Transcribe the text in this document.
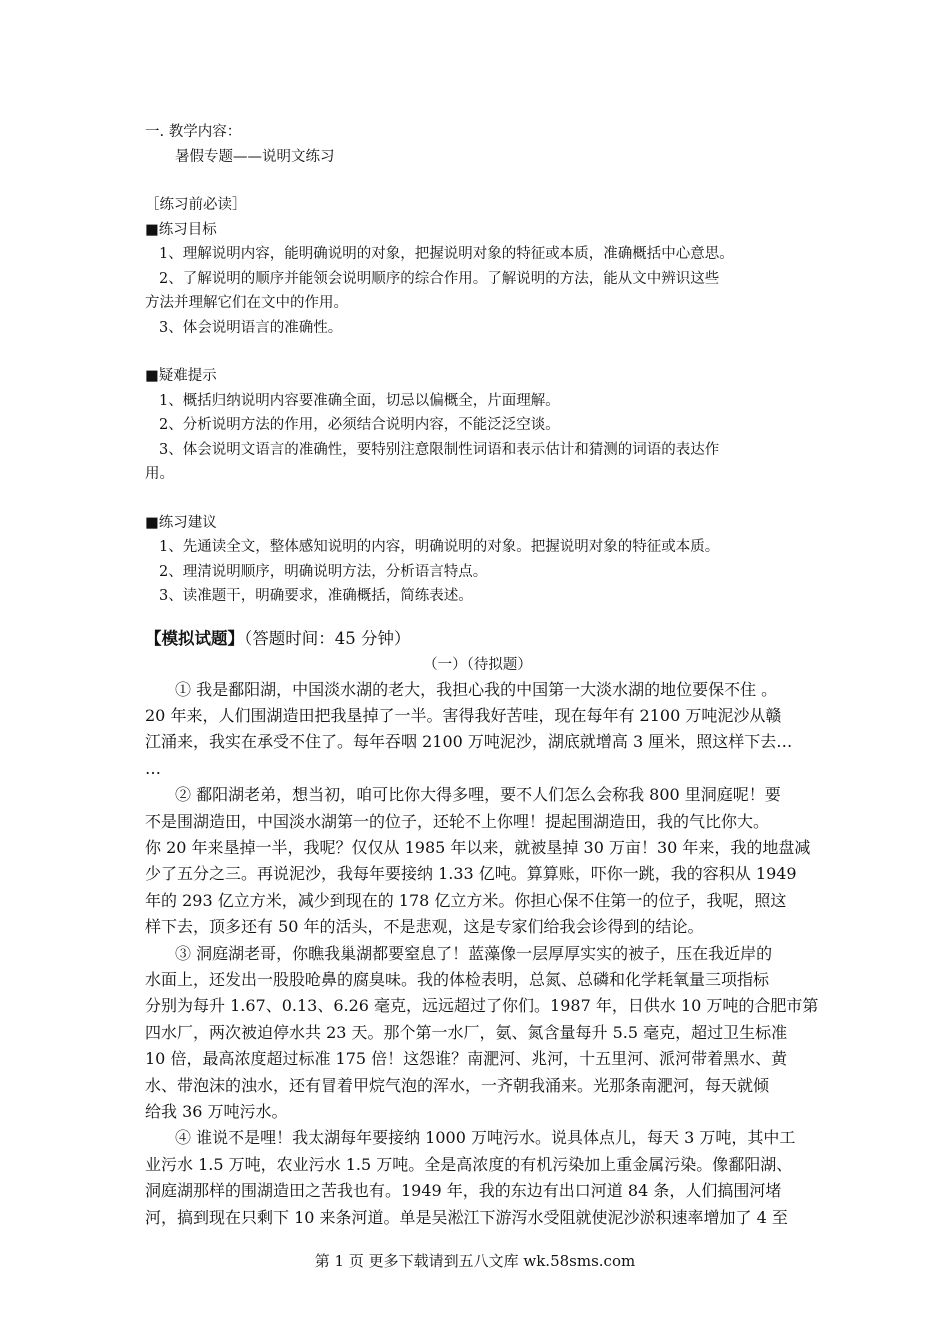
一. 教学内容：
暑假专题——说明文练习
［练习前必读］
■练习目标
1、理解说明内容，能明确说明的对象，把握说明对象的特征或本质，准确概括中心意思。
2、了解说明的顺序并能领会说明顺序的综合作用。了解说明的方法，能从文中辨识这些
方法并理解它们在文中的作用。
3、体会说明语言的准确性。
■疑难提示
1、概括归纳说明内容要准确全面，切忌以偏概全，片面理解。
2、分析说明方法的作用，必须结合说明内容，不能泛泛空谈。
3、体会说明文语言的准确性，要特别注意限制性词语和表示估计和猜测的词语的表达作
用。
■练习建议
1、先通读全文，整体感知说明的内容，明确说明的对象。把握说明对象的特征或本质。
2、理清说明顺序，明确说明方法，分析语言特点。
3、读准题干，明确要求，准确概括，简练表述。
【模拟试题】（答题时间：45 分钟）
（一）（待拟题）
① 我是鄱阳湖，中国淡水湖的老大，我担心我的中国第一大淡水湖的地位要保不住 。
20 年来，人们围湖造田把我垦掉了一半。害得我好苦哇，现在每年有 2100 万吨泥沙从赣
江涌来，我实在承受不住了。每年吞咽 2100 万吨泥沙，湖底就增高 3 厘米，照这样下去…
…
② 鄱阳湖老弟，想当初，咱可比你大得多哩，要不人们怎么会称我 800 里洞庭呢！要
不是围湖造田，中国淡水湖第一的位子，还轮不上你哩！提起围湖造田，我的气比你大。
你 20 年来垦掉一半，我呢？仅仅从 1985 年以来，就被垦掉 30 万亩！30 年来，我的地盘减
少了五分之三。再说泥沙，我每年要接纳 1.33 亿吨。算算账，吓你一跳，我的容积从 1949
年的 293 亿立方米，减少到现在的 178 亿立方米。你担心保不住第一的位子，我呢，照这
样下去，顶多还有 50 年的活头，不是悲观，这是专家们给我会诊得到的结论。
③ 洞庭湖老哥，你瞧我巢湖都要窒息了！蓝藻像一层厚厚实实的被子，压在我近岸的
水面上，还发出一股股呛鼻的腐臭味。我的体检表明，总氮、总磷和化学耗氧量三项指标
分别为每升 1.67、0.13、6.26 毫克，远远超过了你们。1987 年，日供水 10 万吨的合肥市第
四水厂，两次被迫停水共 23 天。那个第一水厂，氨、氮含量每升 5.5 毫克，超过卫生标准
10 倍，最高浓度超过标准 175 倍！这怨谁？南淝河、兆河，十五里河、派河带着黑水、黄
水、带泡沫的浊水，还有冒着甲烷气泡的浑水，一齐朝我涌来。光那条南淝河，每天就倾
给我 36 万吨污水。
④ 谁说不是哩！我太湖每年要接纳 1000 万吨污水。说具体点儿，每天 3 万吨，其中工
业污水 1.5 万吨，农业污水 1.5 万吨。全是高浓度的有机污染加上重金属污染。像鄱阳湖、
洞庭湖那样的围湖造田之苦我也有。1949 年，我的东边有出口河道 84 条，人们搞围河堵
河，搞到现在只剩下 10 来条河道。单是吴淞江下游泻水受阻就使泥沙淤积速率增加了 4 至
第 1 页 更多下载请到五八文库 wk.58sms.com
